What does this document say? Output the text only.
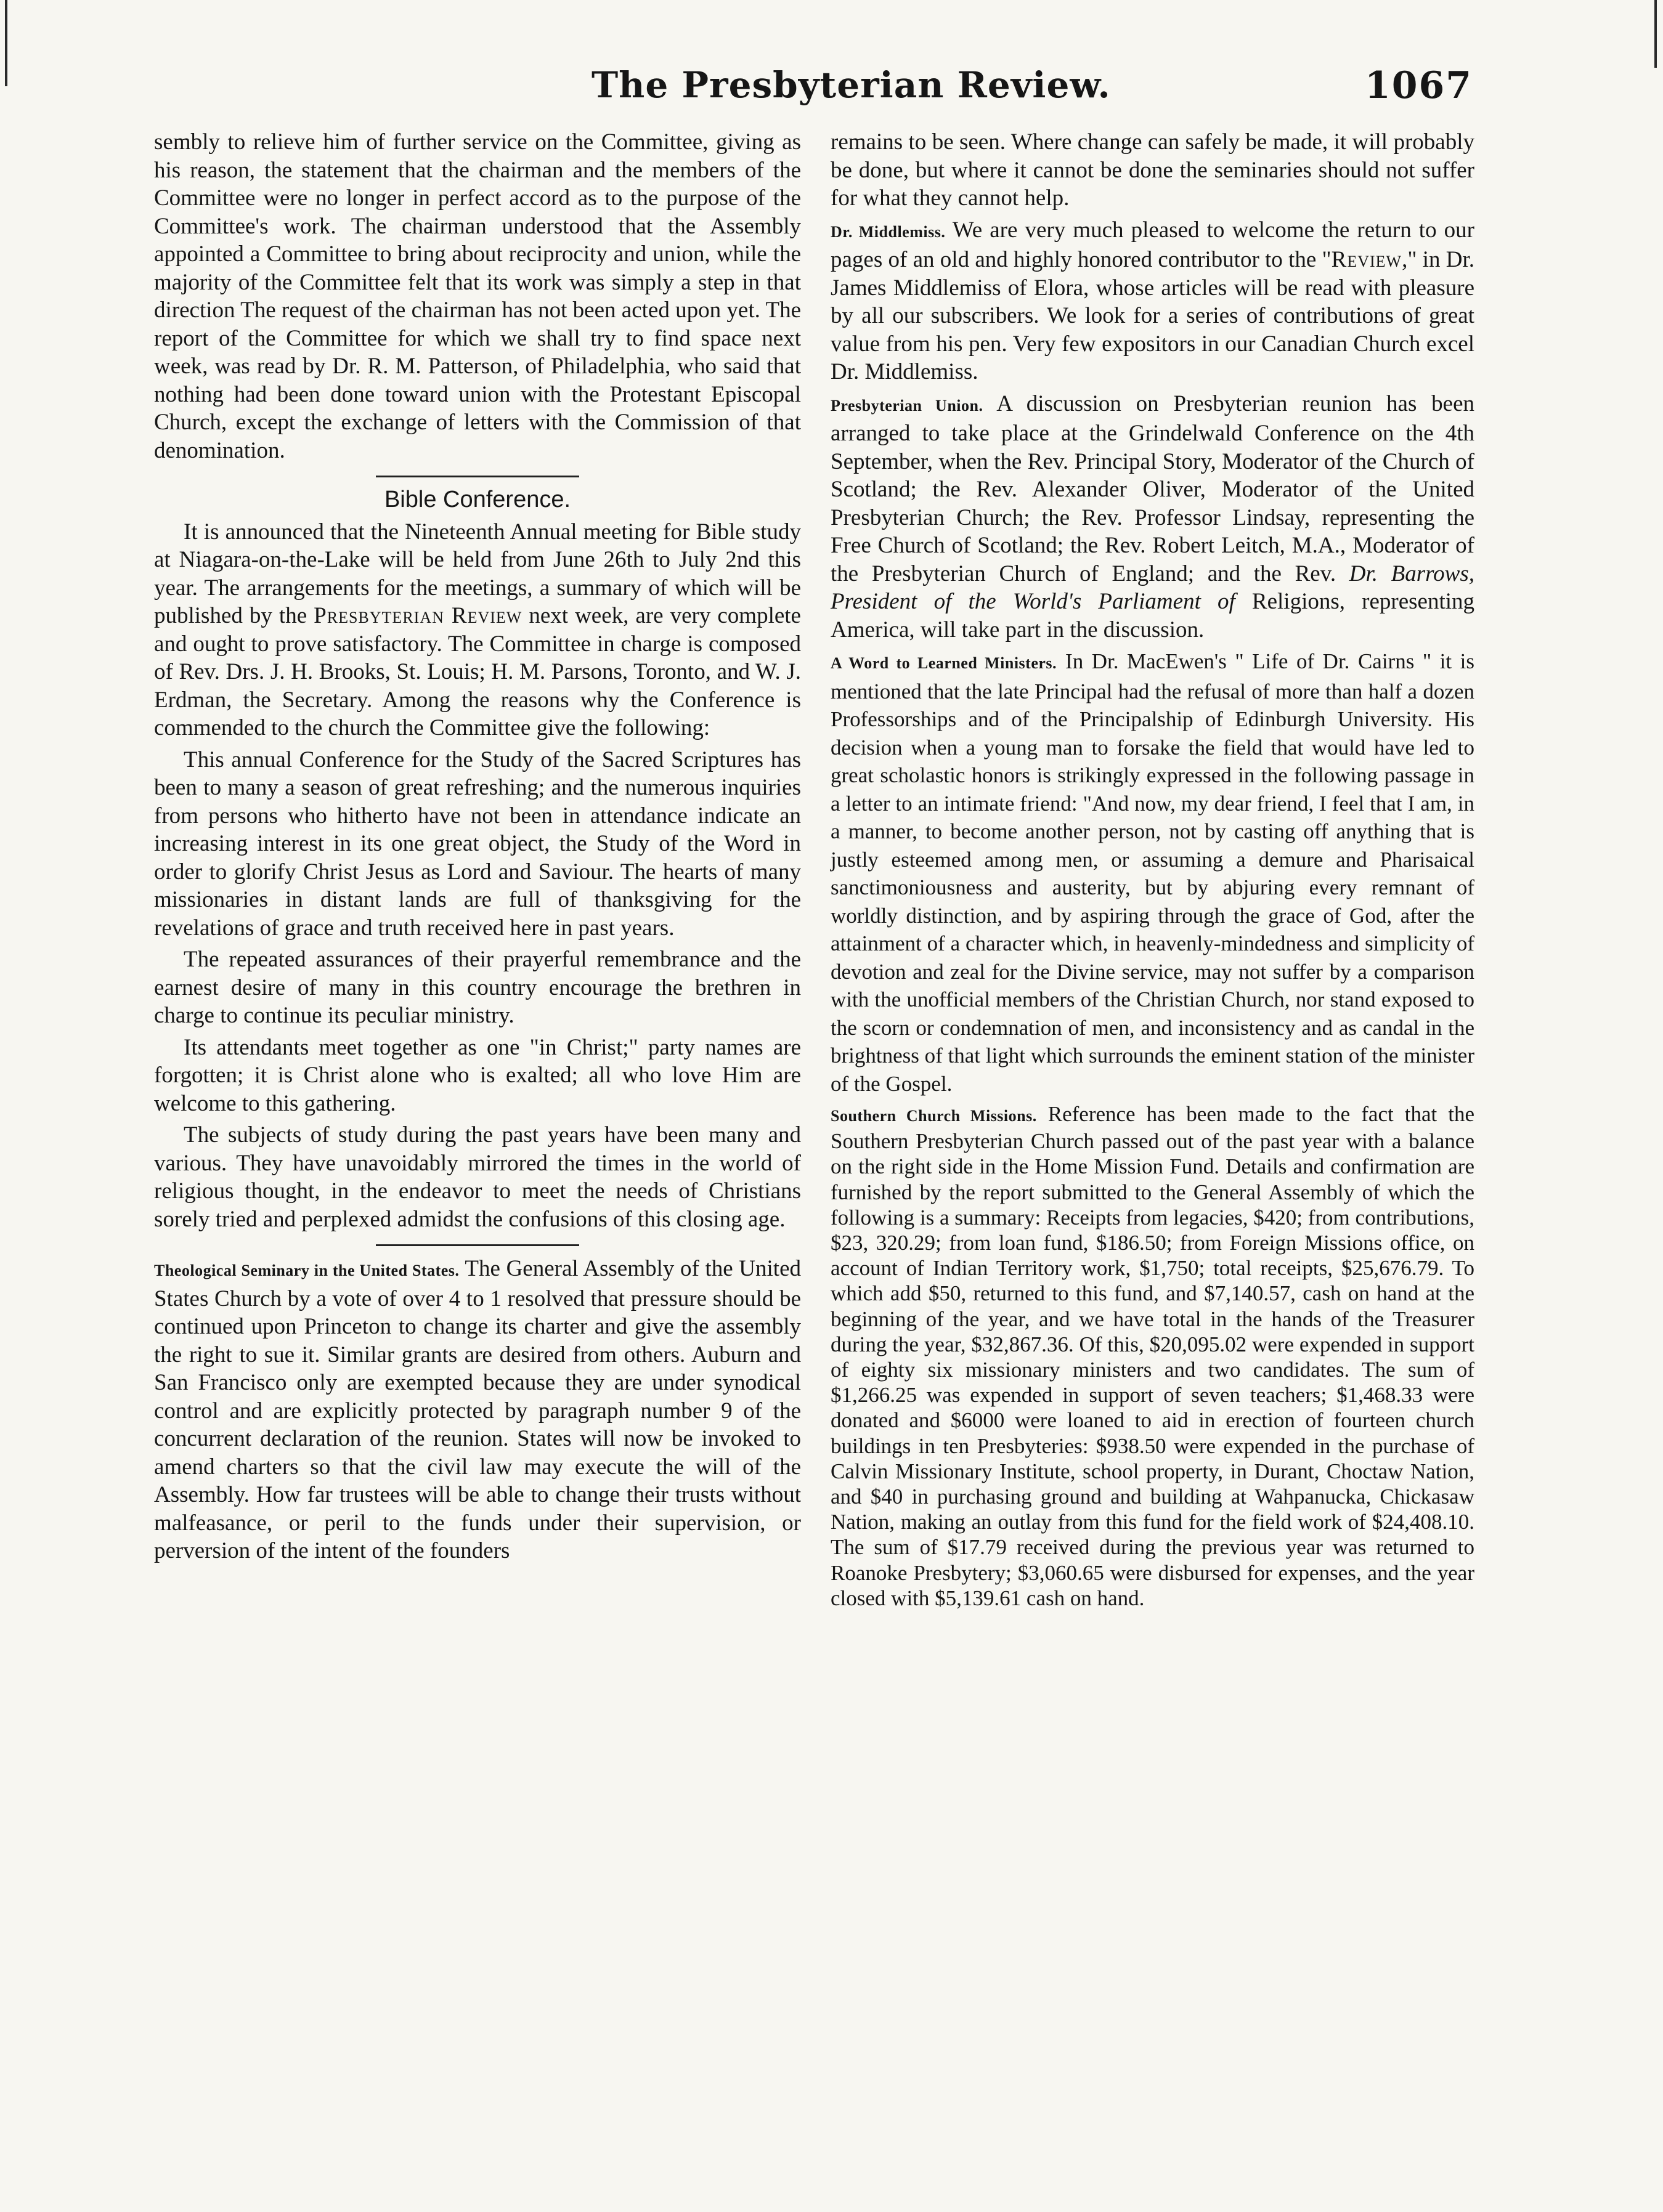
The Presbyterian Review.	1067

sembly to relieve him of further service on the Committee, giving as his reason, the statement that the chairman and the members of the Committee were no longer in perfect accord as to the purpose of the Committee's work. The chairman understood that the Assembly appointed a Committee to bring about reciprocity and union, while the majority of the Committee felt that its work was simply a step in that direction The request of the chairman has not been acted upon yet. The report of the Committee for which we shall try to find space next week, was read by Dr. R. M. Patterson, of Philadelphia, who said that nothing had been done toward union with the Protestant Episcopal Church, except the exchange of letters with the Commission of that denomination.

Bible Conference.

It is announced that the Nineteenth Annual meeting for Bible study at Niagara-on-the-Lake will be held from June 26th to July 2nd this year. The arrangements for the meetings, a summary of which will be published by the Presbyterian Review next week, are very complete and ought to prove satisfactory. The Committee in charge is composed of Rev. Drs. J. H. Brooks, St. Louis; H. M. Parsons, Toronto, and W. J. Erdman, the Secretary. Among the reasons why the Conference is commended to the church the Committee give the following:

This annual Conference for the Study of the Sacred Scriptures has been to many a season of great refreshing; and the numerous inquiries from persons who hitherto have not been in attendance indicate an increasing interest in its one great object, the Study of the Word in order to glorify Christ Jesus as Lord and Saviour. The hearts of many missionaries in distant lands are full of thanksgiving for the revelations of grace and truth received here in past years.

The repeated assurances of their prayerful remembrance and the earnest desire of many in this country encourage the brethren in charge to continue its peculiar ministry.

Its attendants meet together as one "in Christ;" party names are forgotten; it is Christ alone who is exalted; all who love Him are welcome to this gathering.

The subjects of study during the past years have been many and various. They have unavoidably mirrored the times in the world of religious thought, in the endeavor to meet the needs of Christians sorely tried and perplexed admidst the confusions of this closing age.

Theological Seminary in the United States. The General Assembly of the United States Church by a vote of over 4 to 1 resolved that pressure should be continued upon Princeton to change its charter and give the assembly the right to sue it. Similar grants are desired from others. Auburn and San Francisco only are exempted because they are under synodical control and are explicitly protected by paragraph number 9 of the concurrent declaration of the reunion. States will now be invoked to amend charters so that the civil law may execute the will of the Assembly. How far trustees will be able to change their trusts without malfeasance, or peril to the funds under their supervision, or perversion of the intent of the founders

remains to be seen. Where change can safely be made, it will probably be done, but where it cannot be done the seminaries should not suffer for what they cannot help.

Dr. Middlemiss. We are very much pleased to welcome the return to our pages of an old and highly honored contributor to the "Review," in Dr. James Middlemiss of Elora, whose articles will be read with pleasure by all our subscribers. We look for a series of contributions of great value from his pen. Very few expositors in our Canadian Church excel Dr. Middlemiss.

Presbyterian Union. A discussion on Presbyterian reunion has been arranged to take place at the Grindelwald Conference on the 4th September, when the Rev. Principal Story, Moderator of the Church of Scotland; the Rev. Alexander Oliver, Moderator of the United Presbyterian Church; the Rev. Professor Lindsay, representing the Free Church of Scotland; the Rev. Robert Leitch, M.A., Moderator of the Presbyterian Church of England; and the Rev. Dr. Barrows, President of the World's Parliament of Religions, representing America, will take part in the discussion.

A Word to Learned Ministers. In Dr. MacEwen's " Life of Dr. Cairns " it is mentioned that the late Principal had the refusal of more than half a dozen Professorships and of the Principalship of Edinburgh University. His decision when a young man to forsake the field that would have led to great scholastic honors is strikingly expressed in the following passage in a letter to an intimate friend: "And now, my dear friend, I feel that I am, in a manner, to become another person, not by casting off anything that is justly esteemed among men, or assuming a demure and Pharisaical sanctimoniousness and austerity, but by abjuring every remnant of worldly distinction, and by aspiring through the grace of God, after the attainment of a character which, in heavenly-mindedness and simplicity of devotion and zeal for the Divine service, may not suffer by a comparison with the unofficial members of the Christian Church, nor stand exposed to the scorn or condemnation of men, and inconsistency and as candal in the brightness of that light which surrounds the eminent station of the minister of the Gospel.

Southern Church Missions. Reference has been made to the fact that the Southern Presbyterian Church passed out of the past year with a balance on the right side in the Home Mission Fund. Details and confirmation are furnished by the report submitted to the General Assembly of which the following is a summary: Receipts from legacies, $420; from contributions, $23, 320.29; from loan fund, $186.50; from Foreign Missions office, on account of Indian Territory work, $1,750; total receipts, $25,676.79. To which add $50, returned to this fund, and $7,140.57, cash on hand at the beginning of the year, and we have total in the hands of the Treasurer during the year, $32,867.36. Of this, $20,095.02 were expended in support of eighty six missionary ministers and two candidates. The sum of $1,266.25 was expended in support of seven teachers; $1,468.33 were donated and $6000 were loaned to aid in erection of fourteen church buildings in ten Presbyteries: $938.50 were expended in the purchase of Calvin Missionary Institute, school property, in Durant, Choctaw Nation, and $40 in purchasing ground and building at Wahpanucka, Chickasaw Nation, making an outlay from this fund for the field work of $24,408.10. The sum of $17.79 received during the previous year was returned to Roanoke Presbytery; $3,060.65 were disbursed for expenses, and the year closed with $5,139.61 cash on hand.
